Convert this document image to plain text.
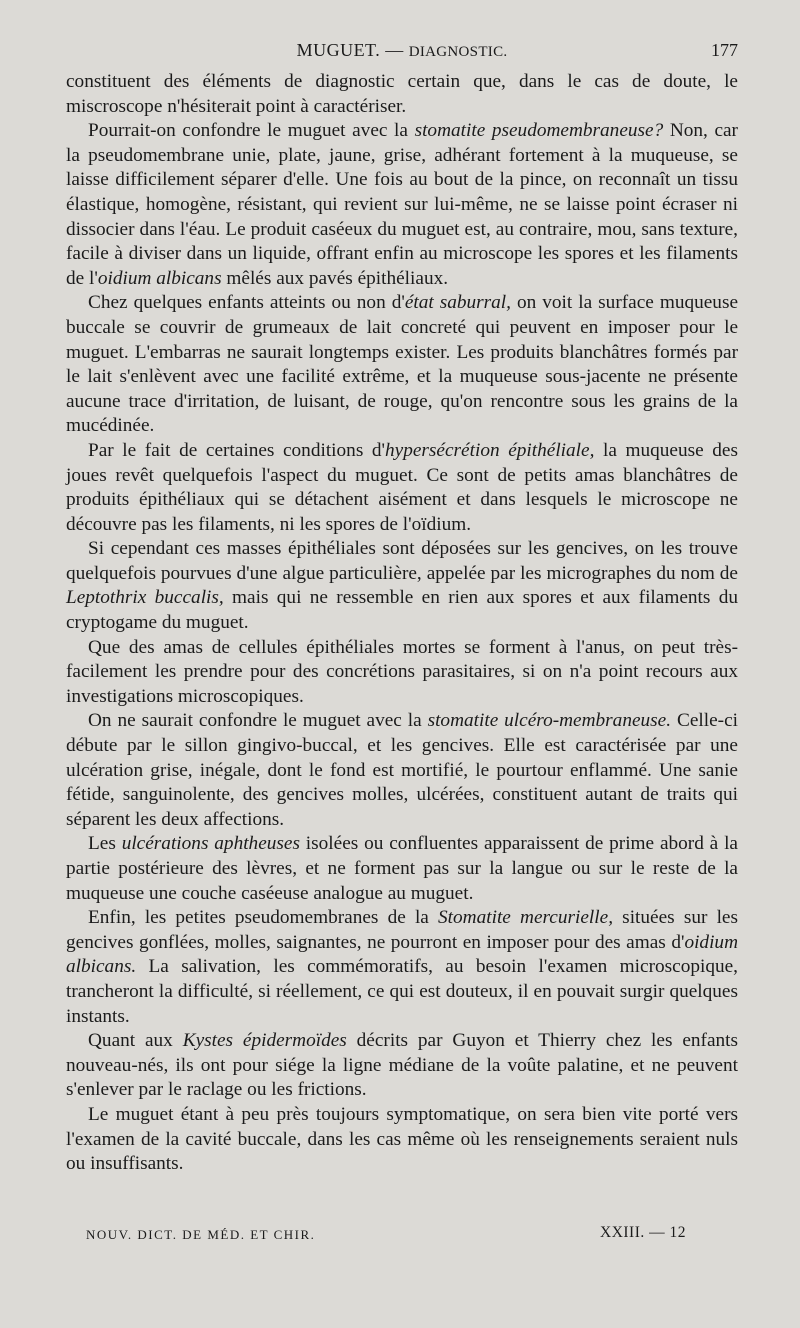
MUGUET. — DIAGNOSTIC.	177

constituent des éléments de diagnostic certain que, dans le cas de doute, le miscroscope n'hésiterait point à caractériser.

Pourrait-on confondre le muguet avec la stomatite pseudomembraneuse? Non, car la pseudomembrane unie, plate, jaune, grise, adhérant fortement à la muqueuse, se laisse difficilement séparer d'elle. Une fois au bout de la pince, on reconnaît un tissu élastique, homogène, résistant, qui revient sur lui-même, ne se laisse point écraser ni dissocier dans l'éau. Le produit caséeux du muguet est, au contraire, mou, sans texture, facile à diviser dans un liquide, offrant enfin au microscope les spores et les filaments de l'oidium albicans mêlés aux pavés épithéliaux.

Chez quelques enfants atteints ou non d'état saburral, on voit la surface muqueuse buccale se couvrir de grumeaux de lait concreté qui peuvent en imposer pour le muguet. L'embarras ne saurait longtemps exister. Les produits blanchâtres formés par le lait s'enlèvent avec une facilité extrême, et la muqueuse sous-jacente ne présente aucune trace d'irritation, de luisant, de rouge, qu'on rencontre sous les grains de la mucédinée.

Par le fait de certaines conditions d'hypersécrétion épithéliale, la muqueuse des joues revêt quelquefois l'aspect du muguet. Ce sont de petits amas blanchâtres de produits épithéliaux qui se détachent aisément et dans lesquels le microscope ne découvre pas les filaments, ni les spores de l'oïdium.

Si cependant ces masses épithéliales sont déposées sur les gencives, on les trouve quelquefois pourvues d'une algue particulière, appelée par les micrographes du nom de Leptothrix buccalis, mais qui ne ressemble en rien aux spores et aux filaments du cryptogame du muguet.

Que des amas de cellules épithéliales mortes se forment à l'anus, on peut très-facilement les prendre pour des concrétions parasitaires, si on n'a point recours aux investigations microscopiques.

On ne saurait confondre le muguet avec la stomatite ulcéro-membraneuse. Celle-ci débute par le sillon gingivo-buccal, et les gencives. Elle est caractérisée par une ulcération grise, inégale, dont le fond est mortifié, le pourtour enflammé. Une sanie fétide, sanguinolente, des gencives molles, ulcérées, constituent autant de traits qui séparent les deux affections.

Les ulcérations aphtheuses isolées ou confluentes apparaissent de prime abord à la partie postérieure des lèvres, et ne forment pas sur la langue ou sur le reste de la muqueuse une couche caséeuse analogue au muguet.

Enfin, les petites pseudomembranes de la Stomatite mercurielle, situées sur les gencives gonflées, molles, saignantes, ne pourront en imposer pour des amas d'oidium albicans. La salivation, les commémoratifs, au besoin l'examen microscopique, trancheront la difficulté, si réellement, ce qui est douteux, il en pouvait surgir quelques instants.

Quant aux Kystes épidermoïdes décrits par Guyon et Thierry chez les enfants nouveau-nés, ils ont pour siége la ligne médiane de la voûte palatine, et ne peuvent s'enlever par le raclage ou les frictions.

Le muguet étant à peu près toujours symptomatique, on sera bien vite porté vers l'examen de la cavité buccale, dans les cas même où les renseignements seraient nuls ou insuffisants.

NOUV. DICT. DE MÉD. ET CHIR.	XXIII. — 12
